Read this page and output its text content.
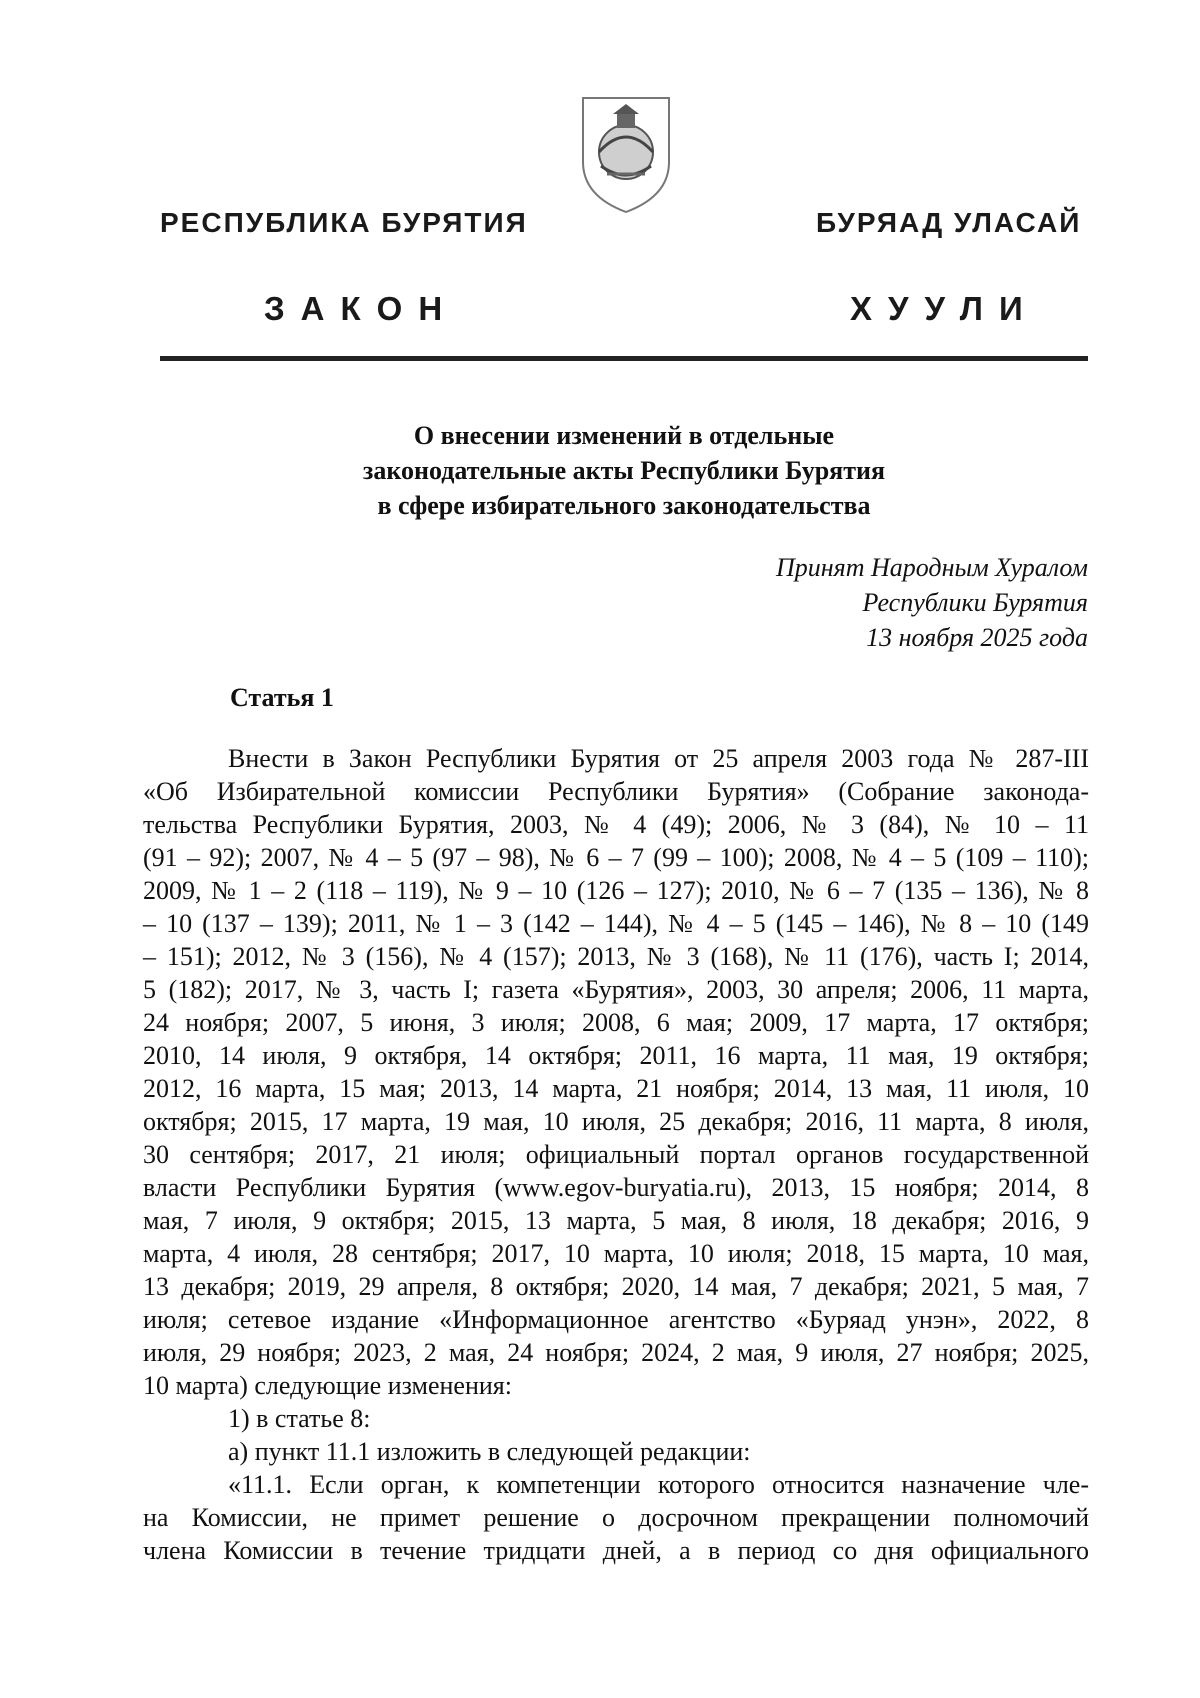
РЕСПУБЛИКА БУРЯТИЯ	БУРЯАД УЛАСАЙ
ЗАКОН	ХУУЛИ
О внесении изменений в отдельные
законодательные акты Республики Бурятия
в сфере избирательного законодательства
Принят Народным Хуралом
Республики Бурятия
13 ноября 2025 года
Статья 1
Внести в Закон Республики Бурятия от 25 апреля 2003 года № 287-III
«Об Избирательной комиссии Республики Бурятия» (Собрание законода-
тельства Республики Бурятия, 2003, № 4 (49); 2006, № 3 (84), № 10 – 11
(91 – 92); 2007, № 4 – 5 (97 – 98), № 6 – 7 (99 – 100); 2008, № 4 – 5 (109 – 110);
2009, № 1 – 2 (118 – 119), № 9 – 10 (126 – 127); 2010, № 6 – 7 (135 – 136), № 8
– 10 (137 – 139); 2011, № 1 – 3 (142 – 144), № 4 – 5 (145 – 146), № 8 – 10 (149
– 151); 2012, № 3 (156), № 4 (157); 2013, № 3 (168), № 11 (176), часть I; 2014,
5 (182); 2017, № 3, часть I; газета «Бурятия», 2003, 30 апреля; 2006, 11 марта,
24 ноября; 2007, 5 июня, 3 июля; 2008, 6 мая; 2009, 17 марта, 17 октября;
2010, 14 июля, 9 октября, 14 октября; 2011, 16 марта, 11 мая, 19 октября;
2012, 16 марта, 15 мая; 2013, 14 марта, 21 ноября; 2014, 13 мая, 11 июля, 10
октября; 2015, 17 марта, 19 мая, 10 июля, 25 декабря; 2016, 11 марта, 8 июля,
30 сентября; 2017, 21 июля; официальный портал органов государственной
власти Республики Бурятия (www.egov-buryatia.ru), 2013, 15 ноября; 2014, 8
мая, 7 июля, 9 октября; 2015, 13 марта, 5 мая, 8 июля, 18 декабря; 2016, 9
марта, 4 июля, 28 сентября; 2017, 10 марта, 10 июля; 2018, 15 марта, 10 мая,
13 декабря; 2019, 29 апреля, 8 октября; 2020, 14 мая, 7 декабря; 2021, 5 мая, 7
июля; сетевое издание «Информационное агентство «Буряад унэн», 2022, 8
июля, 29 ноября; 2023, 2 мая, 24 ноября; 2024, 2 мая, 9 июля, 27 ноября; 2025,
10 марта) следующие изменения:
1) в статье 8:
а) пункт 11.1 изложить в следующей редакции:
«11.1. Если орган, к компетенции которого относится назначение чле-
на Комиссии, не примет решение о досрочном прекращении полномочий
члена Комиссии в течение тридцати дней, а в период со дня официального
